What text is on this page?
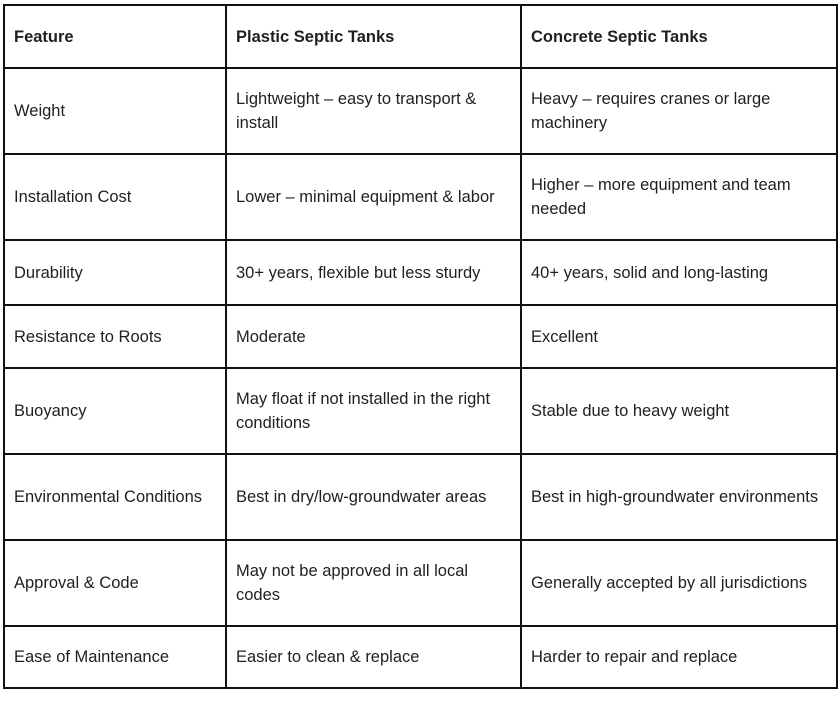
Feature	Plastic Septic Tanks	Concrete Septic Tanks
Weight	Lightweight – easy to transport & install	Heavy – requires cranes or large machinery
Installation Cost	Lower – minimal equipment & labor	Higher – more equipment and team needed
Durability	30+ years, flexible but less sturdy	40+ years, solid and long-lasting
Resistance to Roots	Moderate	Excellent
Buoyancy	May float if not installed in the right conditions	Stable due to heavy weight
Environmental Conditions	Best in dry/low-groundwater areas	Best in high-groundwater environments
Approval & Code	May not be approved in all local codes	Generally accepted by all jurisdictions
Ease of Maintenance	Easier to clean & replace	Harder to repair and replace
